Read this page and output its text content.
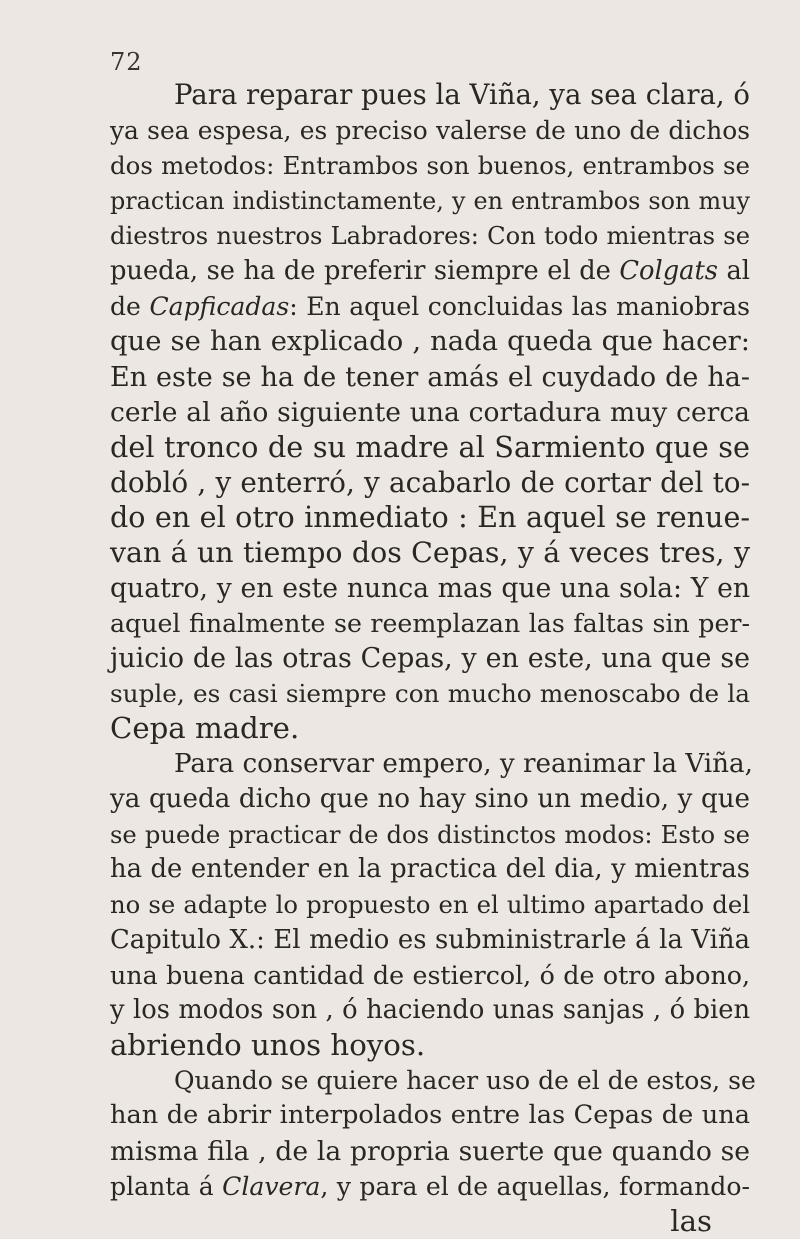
72
Para reparar pues la Viña, ya sea clara, ó
ya sea espesa, es preciso valerse de uno de dichos
dos metodos: Entrambos son buenos, entrambos se
practican indistinctamente, y en entrambos son muy
diestros nuestros Labradores: Con todo mientras se
pueda, se ha de preferir siempre el de Colgats al
de Capficadas: En aquel concluidas las maniobras
que se han explicado , nada queda que hacer:
En este se ha de tener amás el cuydado de ha-
cerle al año siguiente una cortadura muy cerca
del tronco de su madre al Sarmiento que se
dobló , y enterró, y acabarlo de cortar del to-
do en el otro inmediato : En aquel se renue-
van á un tiempo dos Cepas, y á veces tres, y
quatro, y en este nunca mas que una sola: Y en
aquel finalmente se reemplazan las faltas sin per-
juicio de las otras Cepas, y en este, una que se
suple, es casi siempre con mucho menoscabo de la
Cepa madre.
Para conservar empero, y reanimar la Viña,
ya queda dicho que no hay sino un medio, y que
se puede practicar de dos distinctos modos: Esto se
ha de entender en la practica del dia, y mientras
no se adapte lo propuesto en el ultimo apartado del
Capitulo X.: El medio es subministrarle á la Viña
una buena cantidad de estiercol, ó de otro abono,
y los modos son , ó haciendo unas sanjas , ó bien
abriendo unos hoyos.
Quando se quiere hacer uso de el de estos, se
han de abrir interpolados entre las Cepas de una
misma fila , de la propria suerte que quando se
planta á Clavera, y para el de aquellas, formando-
las
